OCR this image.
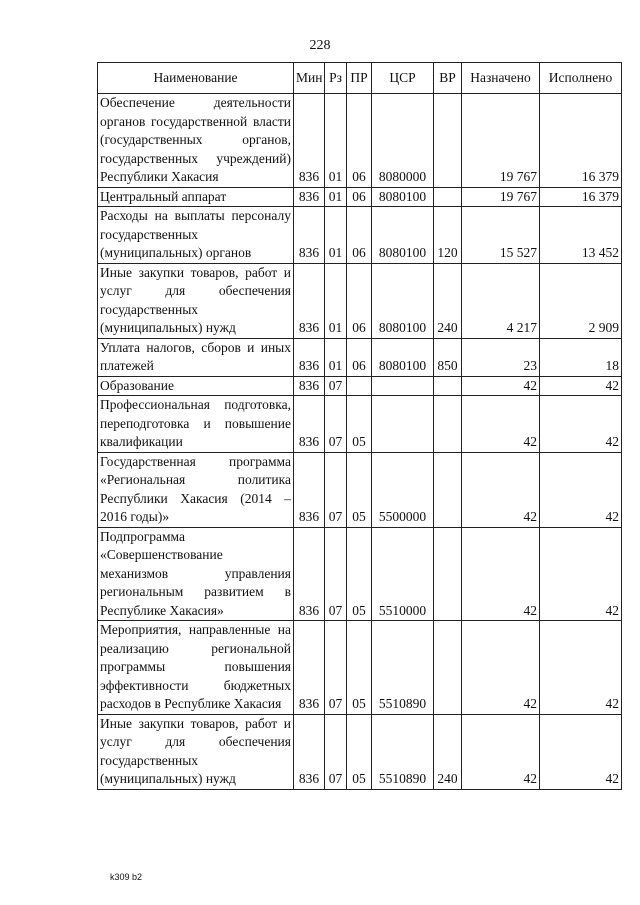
228
Наименование	Мин	Рз	ПР	ЦСР	ВР	Назначено	Исполнено
Обеспечение деятельности органов государственной власти (государственных органов, государственных учреждений) Республики Хакасия	836	01	06	8080000		19 767	16 379
Центральный аппарат	836	01	06	8080100		19 767	16 379
Расходы на выплаты персоналу государственных (муниципальных) органов	836	01	06	8080100	120	15 527	13 452
Иные закупки товаров, работ и услуг для обеспечения государственных (муниципальных) нужд	836	01	06	8080100	240	4 217	2 909
Уплата налогов, сборов и иных платежей	836	01	06	8080100	850	23	18
Образование	836	07				42	42
Профессиональная подготовка, переподготовка и повышение квалификации	836	07	05			42	42
Государственная программа «Региональная политика Республики Хакасия (2014 – 2016 годы)»	836	07	05	5500000		42	42
Подпрограмма «Совершенствование механизмов управления региональным развитием в Республике Хакасия»	836	07	05	5510000		42	42
Мероприятия, направленные на реализацию региональной программы повышения эффективности бюджетных расходов в Республике Хакасия	836	07	05	5510890		42	42
Иные закупки товаров, работ и услуг для обеспечения государственных (муниципальных) нужд	836	07	05	5510890	240	42	42
k309 b2
